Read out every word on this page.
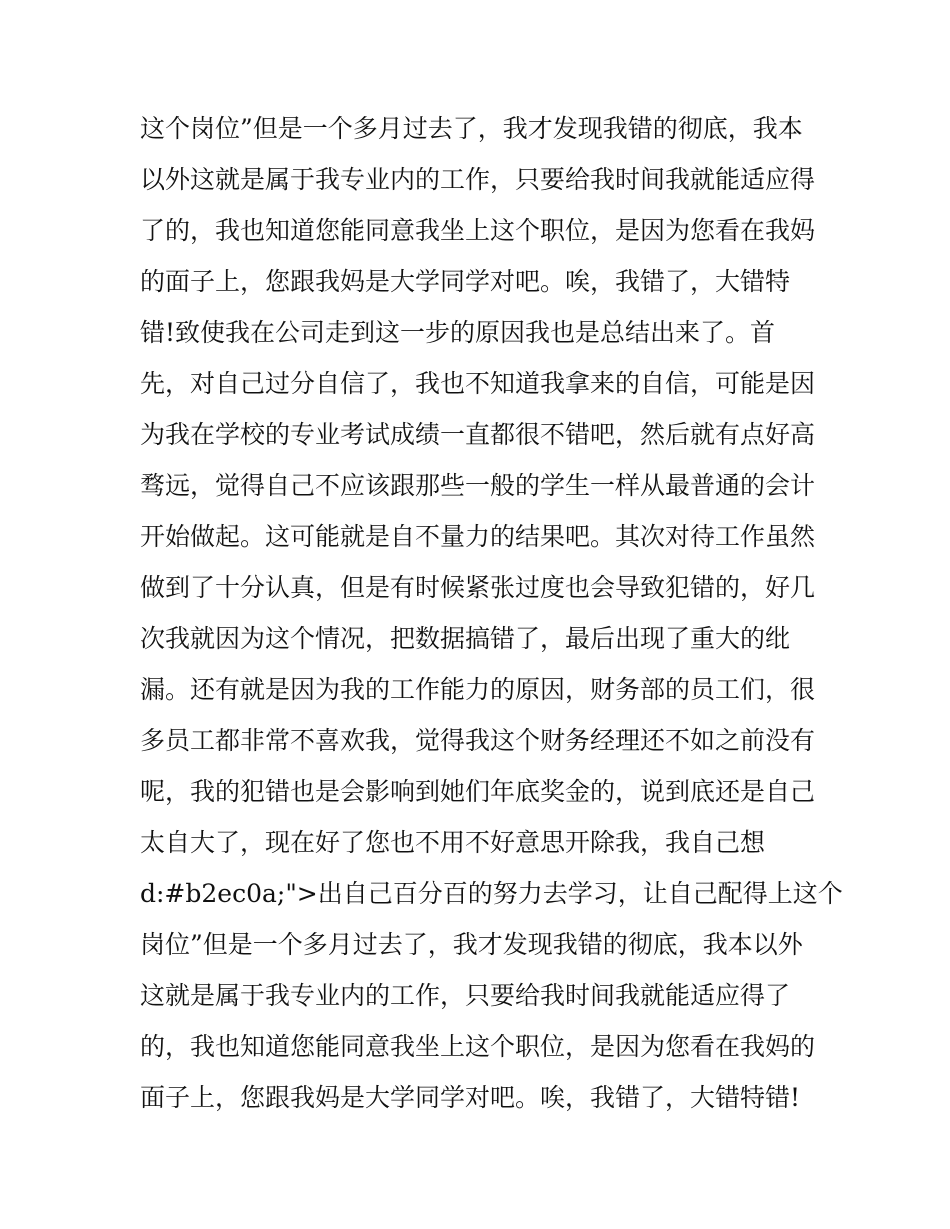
这个岗位”但是一个多月过去了，我才发现我错的彻底，我本
以外这就是属于我专业内的工作，只要给我时间我就能适应得
了的，我也知道您能同意我坐上这个职位，是因为您看在我妈
的面子上，您跟我妈是大学同学对吧。唉，我错了，大错特
错!致使我在公司走到这一步的原因我也是总结出来了。首
先，对自己过分自信了，我也不知道我拿来的自信，可能是因
为我在学校的专业考试成绩一直都很不错吧，然后就有点好高
骛远，觉得自己不应该跟那些一般的学生一样从最普通的会计
开始做起。这可能就是自不量力的结果吧。其次对待工作虽然
做到了十分认真，但是有时候紧张过度也会导致犯错的，好几
次我就因为这个情况，把数据搞错了，最后出现了重大的纰
漏。还有就是因为我的工作能力的原因，财务部的员工们，很
多员工都非常不喜欢我，觉得我这个财务经理还不如之前没有
呢，我的犯错也是会影响到她们年底奖金的，说到底还是自己
太自大了，现在好了您也不用不好意思开除我，我自己想
d:#b2ec0a;">出自己百分百的努力去学习，让自己配得上这个
岗位”但是一个多月过去了，我才发现我错的彻底，我本以外
这就是属于我专业内的工作，只要给我时间我就能适应得了
的，我也知道您能同意我坐上这个职位，是因为您看在我妈的
面子上，您跟我妈是大学同学对吧。唉，我错了，大错特错!
